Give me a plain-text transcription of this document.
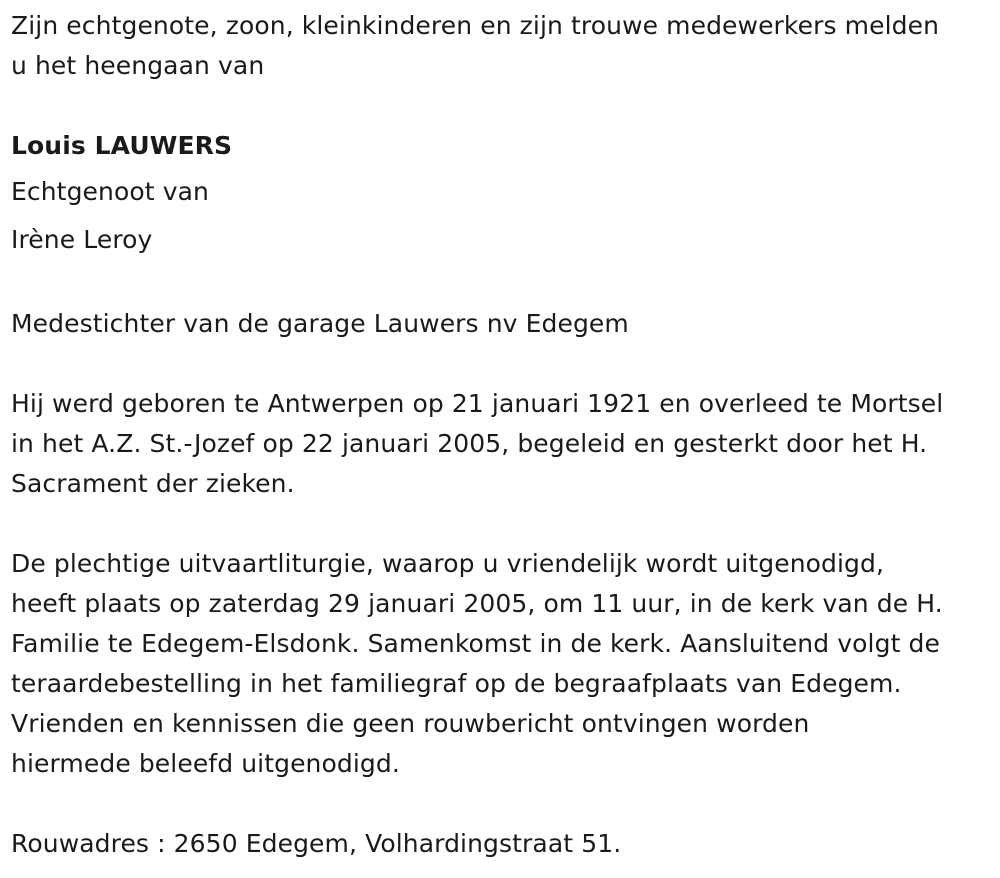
Zijn echtgenote, zoon, kleinkinderen en zijn trouwe medewerkers melden
u het heengaan van
Louis LAUWERS
Echtgenoot van
Irène Leroy
Medestichter van de garage Lauwers nv Edegem
Hij werd geboren te Antwerpen op 21 januari 1921 en overleed te Mortsel
in het A.Z. St.-Jozef op 22 januari 2005, begeleid en gesterkt door het H.
Sacrament der zieken.
De plechtige uitvaartliturgie, waarop u vriendelijk wordt uitgenodigd,
heeft plaats op zaterdag 29 januari 2005, om 11 uur, in de kerk van de H.
Familie te Edegem-Elsdonk. Samenkomst in de kerk. Aansluitend volgt de
teraardebestelling in het familiegraf op de begraafplaats van Edegem.
Vrienden en kennissen die geen rouwbericht ontvingen worden
hiermede beleefd uitgenodigd.
Rouwadres : 2650 Edegem, Volhardingstraat 51.
